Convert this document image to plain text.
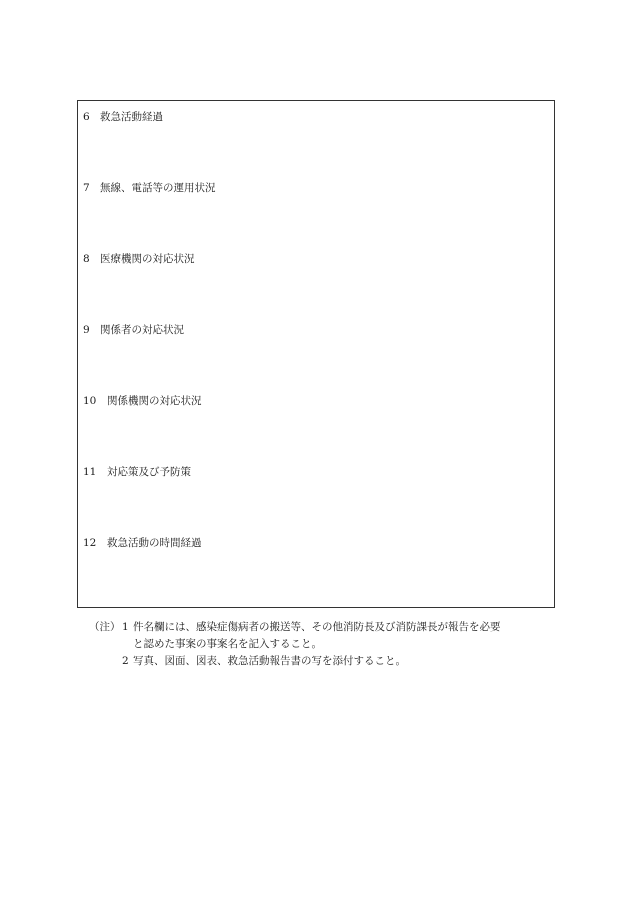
6 救急活動経過
7 無線、電話等の運用状況
8 医療機関の対応状況
9 関係者の対応状況
10 関係機関の対応状況
11 対応策及び予防策
12 救急活動の時間経過
（注） 1 件名欄には、感染症傷病者の搬送等、その他消防長及び消防課長が報告を必要
と認めた事案の事案名を記入すること。
2 写真、図面、図表、救急活動報告書の写を添付すること。
